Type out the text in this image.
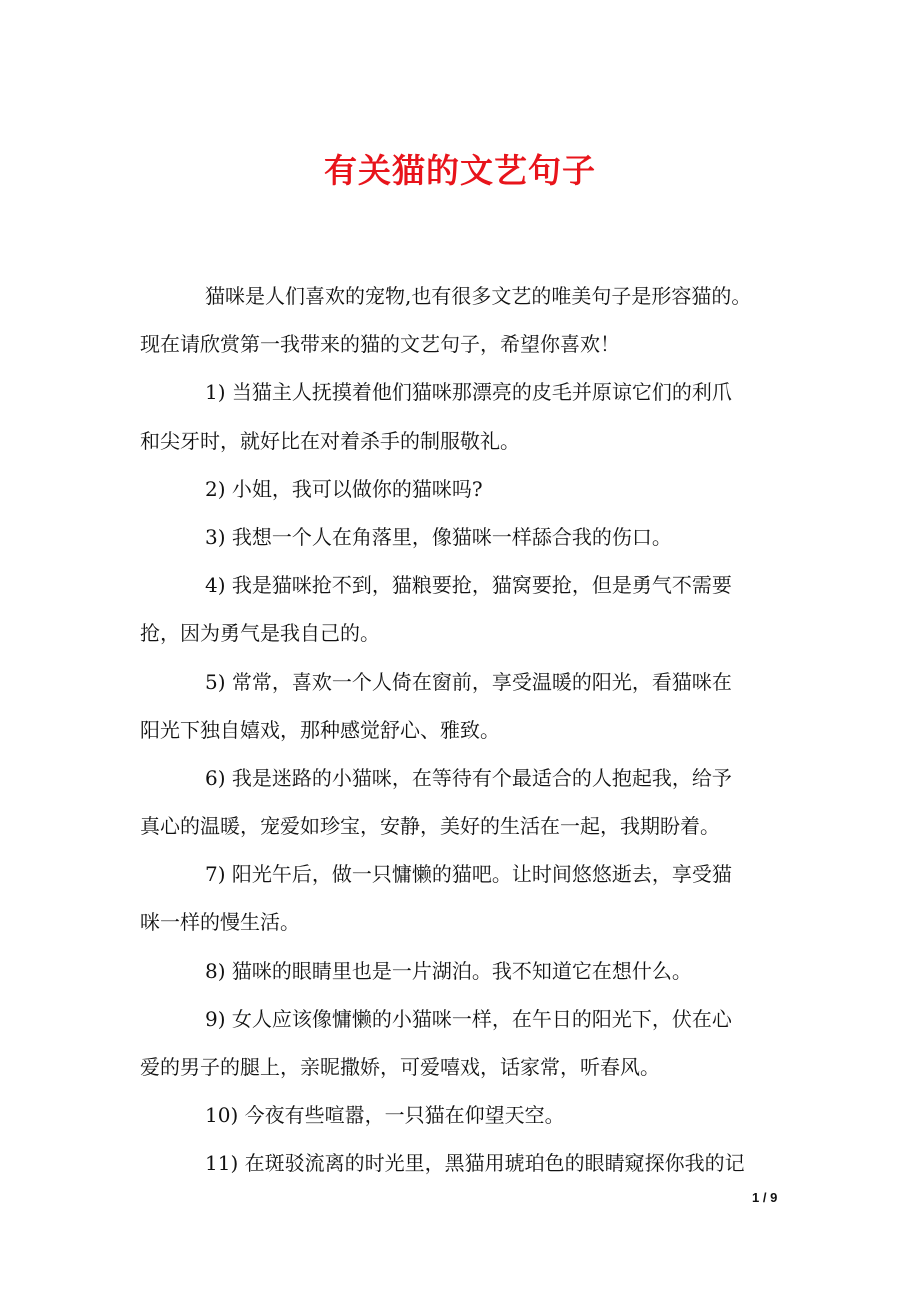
有关猫的文艺句子
猫咪是人们喜欢的宠物,也有很多文艺的唯美句子是形容猫的。
现在请欣赏第一我带来的猫的文艺句子，希望你喜欢！
1) 当猫主人抚摸着他们猫咪那漂亮的皮毛并原谅它们的利爪
和尖牙时，就好比在对着杀手的制服敬礼。
2) 小姐，我可以做你的猫咪吗?
3) 我想一个人在角落里，像猫咪一样舔合我的伤口。
4) 我是猫咪抢不到，猫粮要抢，猫窝要抢，但是勇气不需要
抢，因为勇气是我自己的。
5) 常常，喜欢一个人倚在窗前，享受温暖的阳光，看猫咪在
阳光下独自嬉戏，那种感觉舒心、雅致。
6) 我是迷路的小猫咪，在等待有个最适合的人抱起我，给予
真心的温暖，宠爱如珍宝，安静，美好的生活在一起，我期盼着。
7) 阳光午后，做一只慵懒的猫吧。让时间悠悠逝去，享受猫
咪一样的慢生活。
8) 猫咪的眼睛里也是一片湖泊。我不知道它在想什么。
9) 女人应该像慵懒的小猫咪一样，在午日的阳光下，伏在心
爱的男子的腿上，亲昵撒娇，可爱嘻戏，话家常，听春风。
10) 今夜有些喧嚣，一只猫在仰望天空。
11) 在斑驳流离的时光里，黑猫用琥珀色的眼睛窥探你我的记
1 / 9
